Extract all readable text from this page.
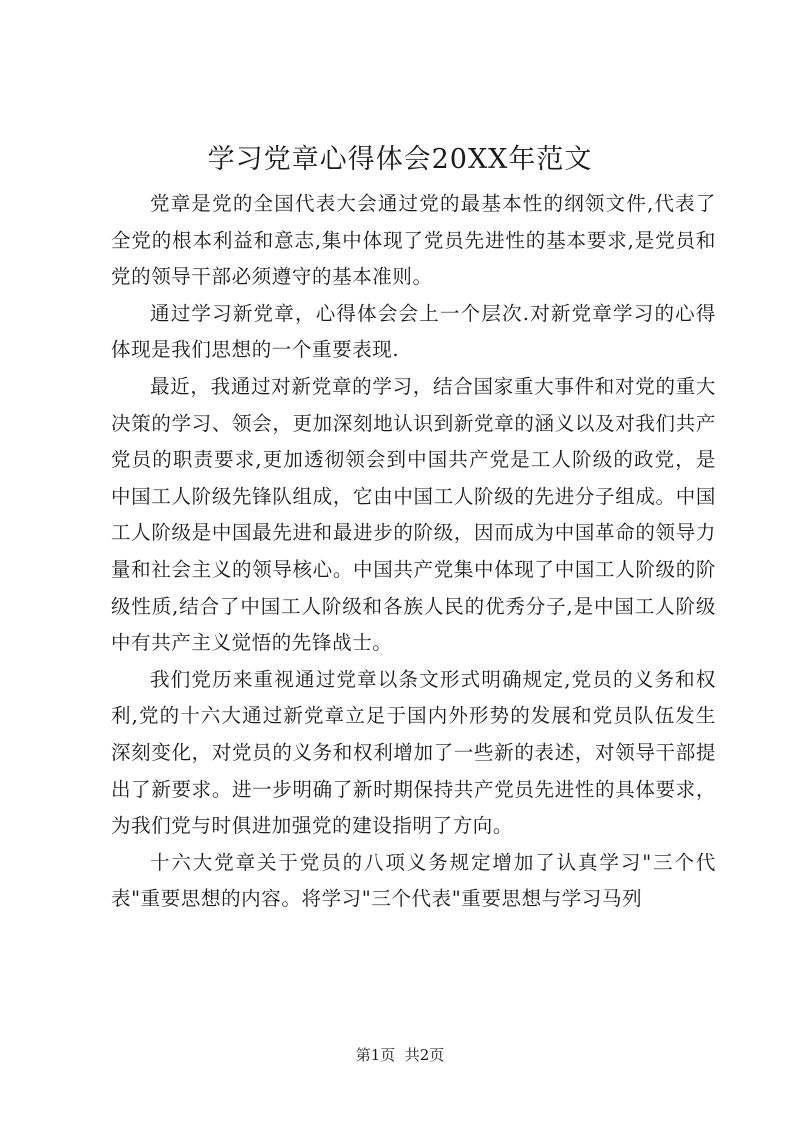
学习党章心得体会20XX年范文

党章是党的全国代表大会通过党的最基本性的纲领文件,代表了全党的根本利益和意志,集中体现了党员先进性的基本要求,是党员和党的领导干部必须遵守的基本准则。

通过学习新党章，心得体会会上一个层次.对新党章学习的心得体现是我们思想的一个重要表现.

最近，我通过对新党章的学习，结合国家重大事件和对党的重大决策的学习、领会，更加深刻地认识到新党章的涵义以及对我们共产党员的职责要求,更加透彻领会到中国共产党是工人阶级的政党，是中国工人阶级先锋队组成，它由中国工人阶级的先进分子组成。中国工人阶级是中国最先进和最进步的阶级，因而成为中国革命的领导力量和社会主义的领导核心。中国共产党集中体现了中国工人阶级的阶级性质,结合了中国工人阶级和各族人民的优秀分子,是中国工人阶级中有共产主义觉悟的先锋战士。

我们党历来重视通过党章以条文形式明确规定,党员的义务和权利,党的十六大通过新党章立足于国内外形势的发展和党员队伍发生深刻变化，对党员的义务和权利增加了一些新的表述，对领导干部提出了新要求。进一步明确了新时期保持共产党员先进性的具体要求，为我们党与时俱进加强党的建设指明了方向。

十六大党章关于党员的八项义务规定增加了认真学习"三个代表"重要思想的内容。将学习"三个代表"重要思想与学习马列

第1页  共2页
